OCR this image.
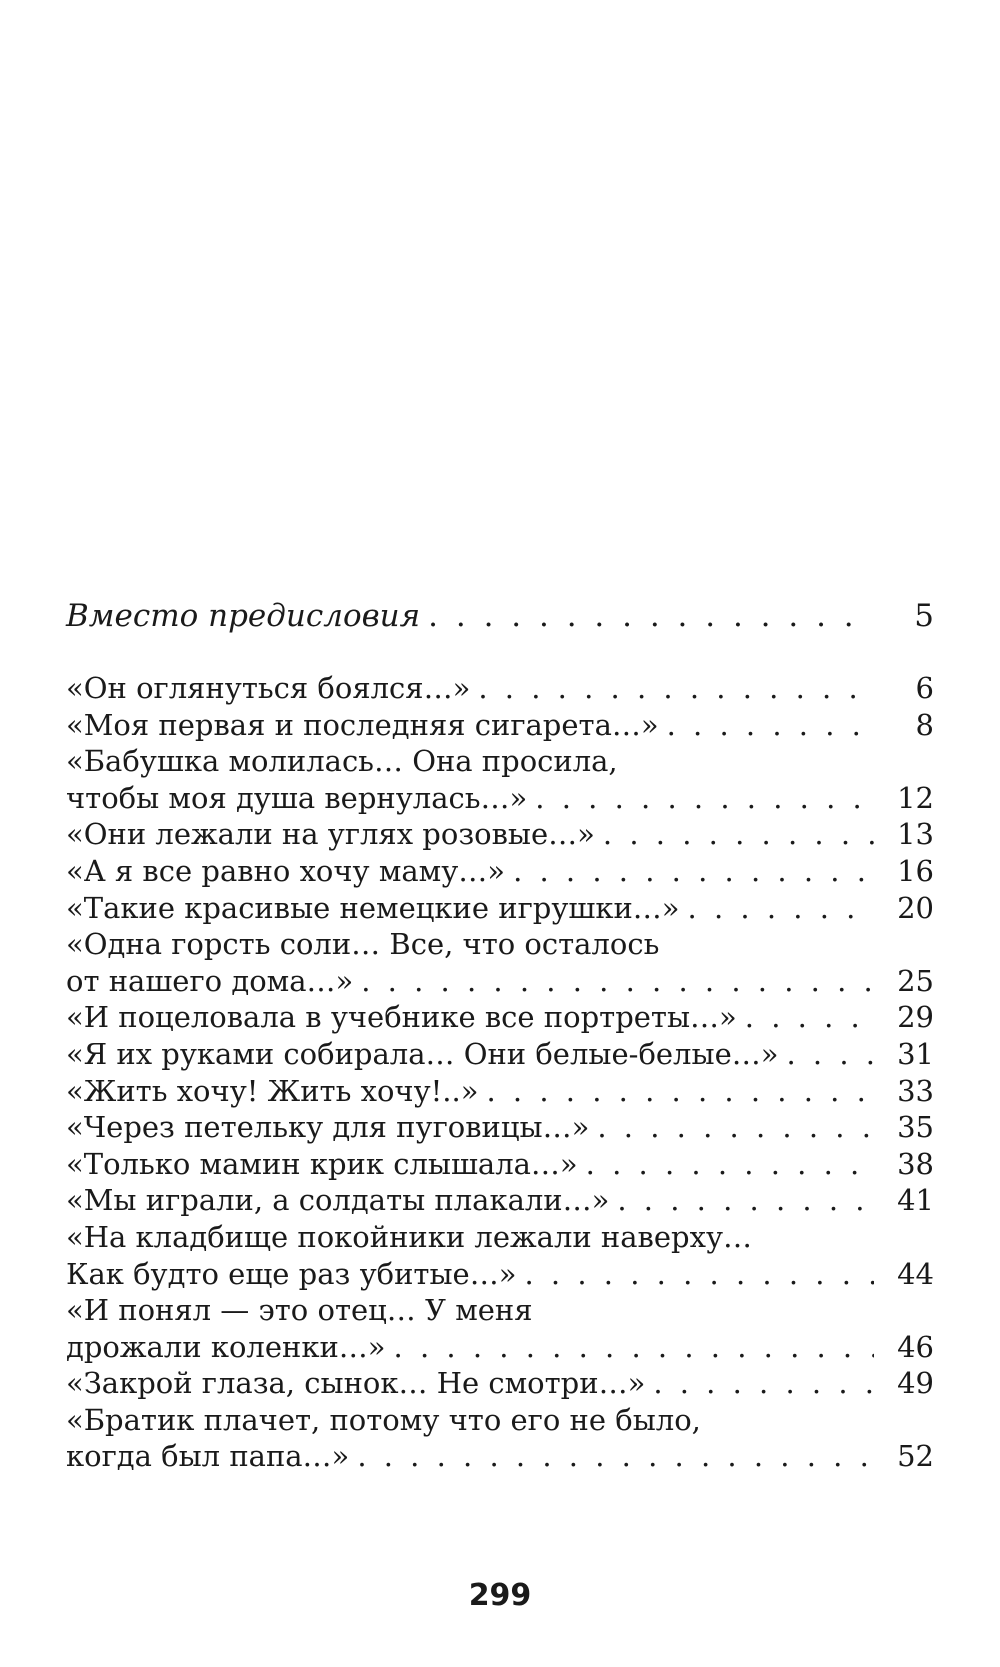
Вместо предисловия . . .	5
«Он оглянуться боялся…» . . .	6
«Моя первая и последняя сигарета…» . . .	8
«Бабушка молилась… Она просила,
чтобы моя душа вернулась…» . . .	12
«Они лежали на углях розовые…» . . .	13
«А я все равно хочу маму…» . . .	16
«Такие красивые немецкие игрушки…» . . .	20
«Одна горсть соли… Все, что осталось
от нашего дома…» . . .	25
«И поцеловала в учебнике все портреты…» . . .	29
«Я их руками собирала… Они белые-белые…» . . .	31
«Жить хочу! Жить хочу!..» . . .	33
«Через петельку для пуговицы…» . . .	35
«Только мамин крик слышала…» . . .	38
«Мы играли, а солдаты плакали…» . . .	41
«На кладбище покойники лежали наверху…
Как будто еще раз убитые…» . . .	44
«И понял — это отец… У меня
дрожали коленки…» . . .	46
«Закрой глаза, сынок… Не смотри…» . . .	49
«Братик плачет, потому что его не было,
когда был папа…» . . .	52
299
